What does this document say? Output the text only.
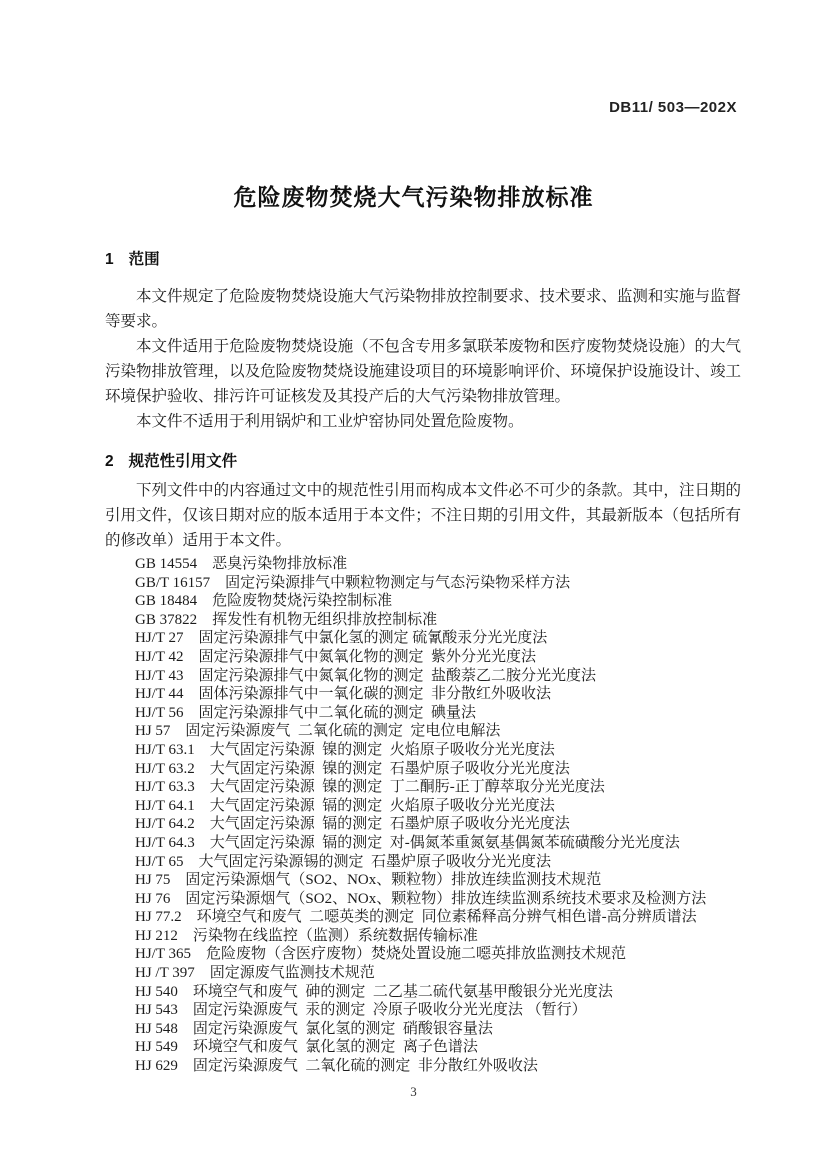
DB11/ 503—202X
危险废物焚烧大气污染物排放标准
1 范围

本文件规定了危险废物焚烧设施大气污染物排放控制要求、技术要求、监测和实施与监督等要求。

本文件适用于危险废物焚烧设施（不包含专用多氯联苯废物和医疗废物焚烧设施）的大气污染物排放管理，以及危险废物焚烧设施建设项目的环境影响评价、环境保护设施设计、竣工环境保护验收、排污许可证核发及其投产后的大气污染物排放管理。

本文件不适用于利用锅炉和工业炉窑协同处置危险废物。

2 规范性引用文件

下列文件中的内容通过文中的规范性引用而构成本文件必不可少的条款。其中，注日期的引用文件，仅该日期对应的版本适用于本文件；不注日期的引用文件，其最新版本（包括所有的修改单）适用于本文件。

GB 14554 恶臭污染物排放标准
GB/T 16157 固定污染源排气中颗粒物测定与气态污染物采样方法
GB 18484 危险废物焚烧污染控制标准
GB 37822 挥发性有机物无组织排放控制标准
HJ/T 27 固定污染源排气中氯化氢的测定 硫氰酸汞分光光度法
HJ/T 42 固定污染源排气中氮氧化物的测定  紫外分光光度法
HJ/T 43 固定污染源排气中氮氧化物的测定  盐酸萘乙二胺分光光度法
HJ/T 44 固体污染源排气中一氧化碳的测定  非分散红外吸收法
HJ/T 56 固定污染源排气中二氧化硫的测定  碘量法
HJ 57 固定污染源废气  二氧化硫的测定  定电位电解法
HJ/T 63.1 大气固定污染源  镍的测定  火焰原子吸收分光光度法
HJ/T 63.2 大气固定污染源  镍的测定  石墨炉原子吸收分光光度法
HJ/T 63.3 大气固定污染源  镍的测定  丁二酮肟-正丁醇萃取分光光度法
HJ/T 64.1 大气固定污染源  镉的测定  火焰原子吸收分光光度法
HJ/T 64.2 大气固定污染源  镉的测定  石墨炉原子吸收分光光度法
HJ/T 64.3 大气固定污染源  镉的测定  对-偶氮苯重氮氨基偶氮苯硫磺酸分光光度法
HJ/T 65 大气固定污染源锡的测定  石墨炉原子吸收分光光度法
HJ 75 固定污染源烟气（SO2、NOx、颗粒物）排放连续监测技术规范
HJ 76 固定污染源烟气（SO2、NOx、颗粒物）排放连续监测系统技术要求及检测方法
HJ 77.2 环境空气和废气  二噁英类的测定  同位素稀释高分辨气相色谱-高分辨质谱法
HJ 212 污染物在线监控（监测）系统数据传输标准
HJ/T 365 危险废物（含医疗废物）焚烧处置设施二噁英排放监测技术规范
HJ /T 397 固定源废气监测技术规范
HJ 540 环境空气和废气  砷的测定  二乙基二硫代氨基甲酸银分光光度法
HJ 543 固定污染源废气  汞的测定  冷原子吸收分光光度法 （暂行）
HJ 548 固定污染源废气  氯化氢的测定  硝酸银容量法
HJ 549 环境空气和废气  氯化氢的测定  离子色谱法
HJ 629 固定污染源废气  二氧化硫的测定  非分散红外吸收法
3
